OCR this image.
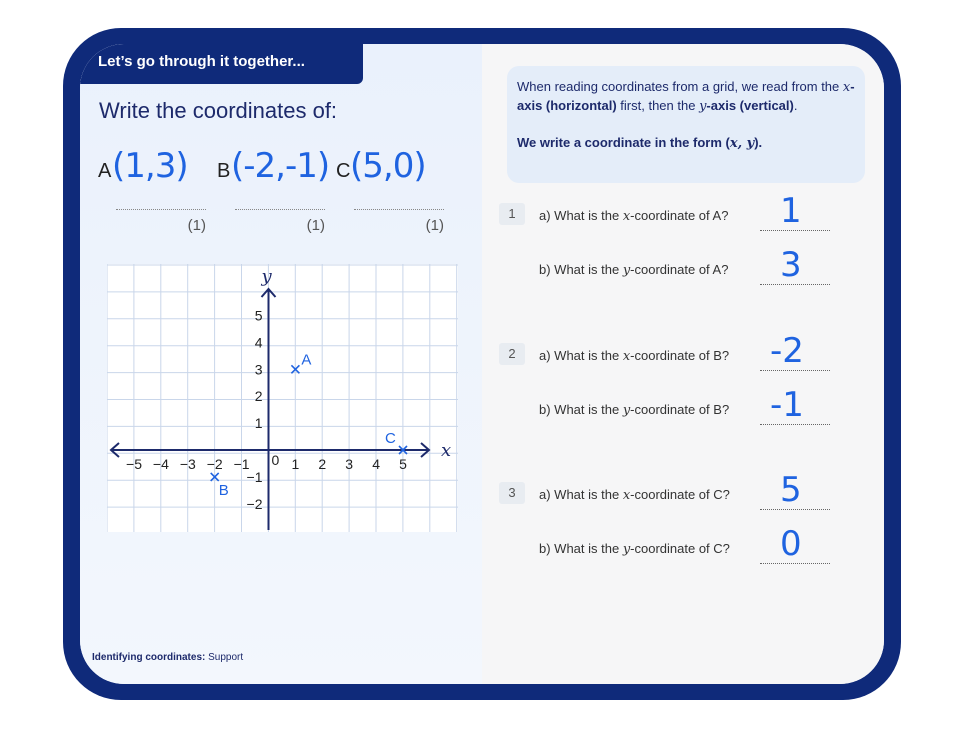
Let’s go through it together...
Write the coordinates of:
A (1,3)
(1)
B (-2,-1)
(1)
C (5,0)
(1)
x
y
−5 −4 −3 −2 −1	1 2 3 4 5
5
4
3
2
1
−1
−2
0
A
B
C
Identifying coordinates: Support

When reading coordinates from a grid, we read from the x-axis (horizontal) first, then the y-axis (vertical).

We write a coordinate in the form (x, y).

1	a) What is the x-coordinate of A? 1
b) What is the y-coordinate of A? 3
2	a) What is the x-coordinate of B? -2
b) What is the y-coordinate of B? -1
3	a) What is the x-coordinate of C? 5
b) What is the y-coordinate of C? 0
